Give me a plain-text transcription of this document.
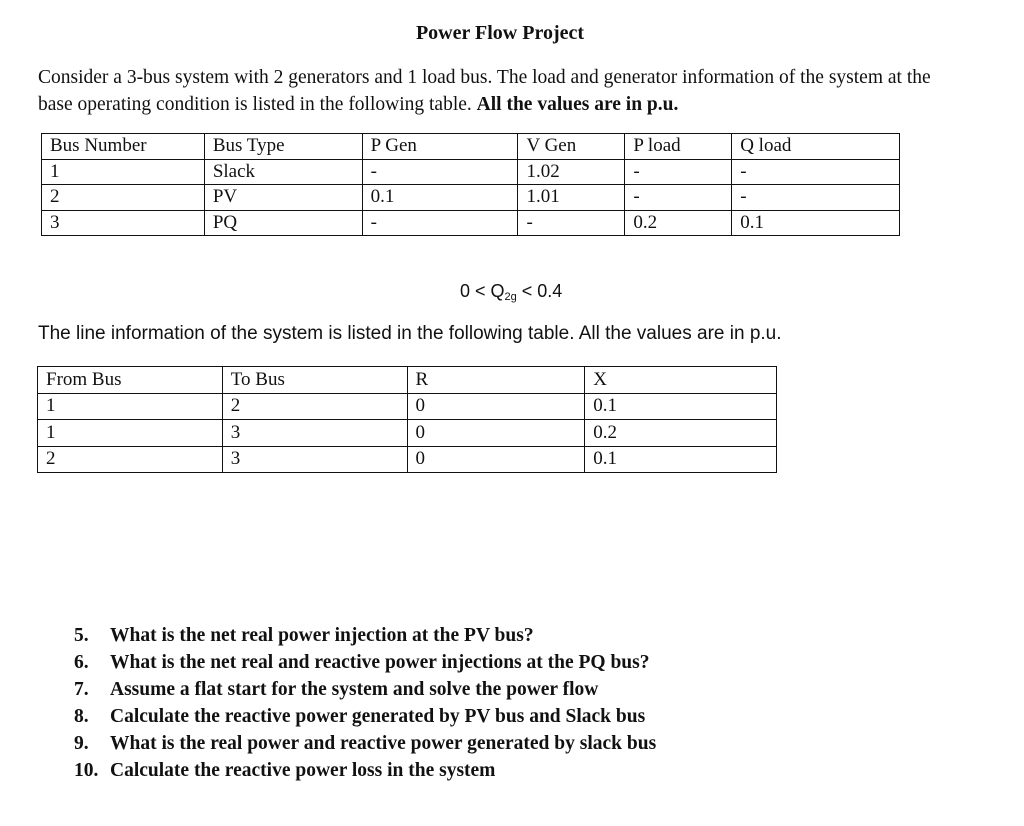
Power Flow Project
Consider a 3-bus system with 2 generators and 1 load bus. The load and generator information of the system at the base operating condition is listed in the following table. All the values are in p.u.
Bus Number	Bus Type	P Gen	V Gen	P load	Q load
1	Slack	-	1.02	-	-
2	PV	0.1	1.01	-	-
3	PQ	-	-	0.2	0.1
$0 < Q_{2g} < 0.4$
The line information of the system is listed in the following table. All the values are in p.u.
From Bus	To Bus	R	X
1	2	0	0.1
1	3	0	0.2
2	3	0	0.1
5.	What is the net real power injection at the PV bus?
6.	What is the net real and reactive power injections at the PQ bus?
7.	Assume a flat start for the system and solve the power flow
8.	Calculate the reactive power generated by PV bus and Slack bus
9.	What is the real power and reactive power generated by slack bus
10. Calculate the reactive power loss in the system
